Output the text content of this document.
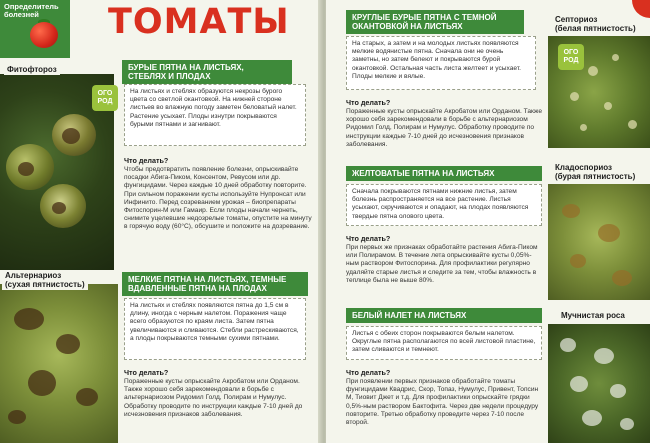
Определитель болезней	ТОМАТЫ
Фитофтороз	БУРЫЕ ПЯТНА НА ЛИСТЬЯХ,
СТЕБЛЯХ И ПЛОДАХ
ОГО РОД
На листьях и стеблях образуются некрозы бурого цвета со светлой окантовкой. На нижней стороне листьев во влажную погоду заметен беловатый налет. Растение усыхает. Плоды изнутри покрываются бурыми пятнами и загнивают.
Что делать?
Чтобы предотвратить появление болезни, опрыскивайте посадки Абига-Пиком, Консентом, Ревусом или др. фунгицидами. Через каждые 10 дней обработку повторите. При сильном поражении кусты используйте Нупронсат или Инфинито. Перед созреванием урожая – биопрепараты Фитоспорин-М или Гамаир. Если плоды начали чернеть, снимите уцелевшие недозрелые томаты, опустите на минуту в горячую воду (60°С), обсушите и положите на дозревание.
Альтернариоз
(сухая пятнистость)
МЕЛКИЕ ПЯТНА НА ЛИСТЬЯХ, ТЕМНЫЕ
ВДАВЛЕННЫЕ ПЯТНА НА ПЛОДАХ
На листьях и стеблях появляются пятна до 1,5 см в длину, иногда с черным налетом. Поражения чаще всего образуются по краям листа. Затем пятна увеличиваются и сливаются. Стебли растрескиваются, а плоды покрываются темными сухими пятнами.
Что делать?
Пораженные кусты опрыскайте Акробатом или Орданом. Также хорошо себя зарекомендовали в борьбе с альтернариозом Ридомил Голд, Полирам и Нумулус. Обработку проводите по инструкции каждые 7-10 дней до исчезновения признаков заболевания.
КРУГЛЫЕ БУРЫЕ ПЯТНА С ТЕМНОЙ
ОКАНТОВКОЙ НА ЛИСТЬЯХ
На старых, а затем и на молодых листьях появляются мелкие водянистые пятна. Сначала они не очень заметны, но затем белеют и покрываются бурой окантовкой. Остальная часть листа желтеет и усыхает. Плоды мелкие и вялые.
Что делать?
Пораженные кусты опрыскайте Акробатом или Орданом. Также хорошо себя зарекомендовали в борьбе с альтернариозом Ридомил Голд, Полирам и Нумулус. Обработку проводите по инструкции каждые 7-10 дней до исчезновения признаков заболевания.
Септориоз
(белая пятнистость)
ОГО РОД
ЖЕЛТОВАТЫЕ ПЯТНА НА ЛИСТЬЯХ
Сначала покрываются пятнами нижние листья, затем болезнь распространяется на все растение. Листья усыхают, скручиваются и опадают, на плодах появляются твердые пятна олового цвета.
Что делать?
При первых же признаках обработайте растения Абига-Пиком или Полирамом. В течение лета опрыскивайте кусты 0,05%-ным раствором Фитоспорина. Для профилактики регулярно удаляйте старые листья и следите за тем, чтобы влажность в теплице была не выше 80%.
Кладоспориоз
(бурая пятнистость)
БЕЛЫЙ НАЛЕТ НА ЛИСТЬЯХ
Листья с обеих сторон покрываются белым налетом. Округлые пятна располагаются по всей листовой пластине, затем сливаются и темнеют.
Что делать?
При появлении первых признаков обработайте томаты фунгицидами Квадрис, Скор, Топаз, Нумулус, Привент, Топсин М, Тиовит Джет и т.д. Для профилактики опрыскайте грядки 0,5%-ным раствором Бактофита. Через две недели процедуру повторите. Третью обработку проведите через 7-10 после второй.
Мучнистая роса
